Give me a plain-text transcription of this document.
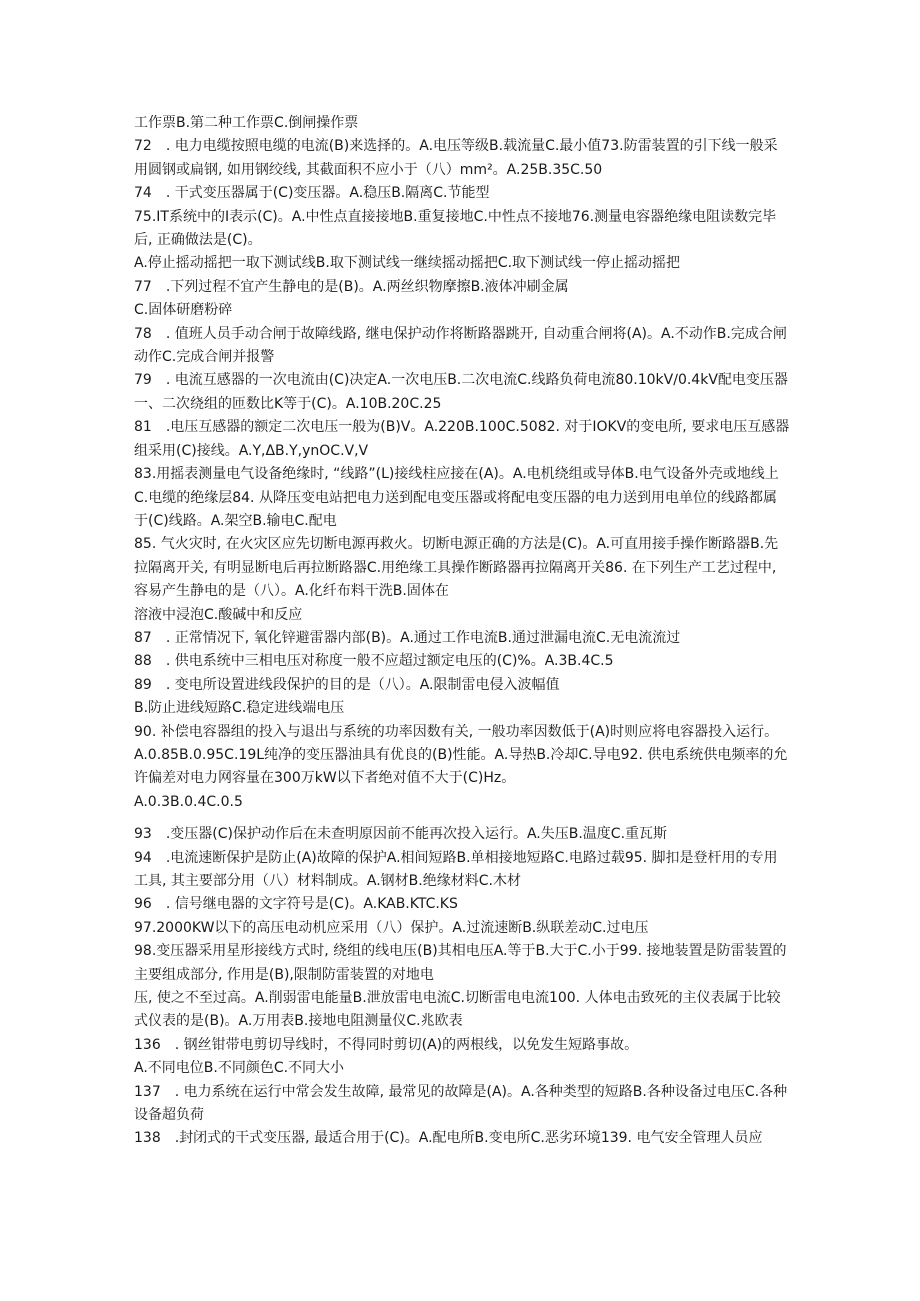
工作票B.第二种工作票C.倒闸操作票

72　. 电力电缆按照电缆的电流(B)来选择的。A.电压等级B.载流量C.最小值73.防雷装置的引下线一般采用圆钢或扁钢, 如用钢绞线, 其截面积不应小于（八）mm²。A.25B.35C.50

74　. 干式变压器属于(C)变压器。A.稳压B.隔离C.节能型

75.IT系统中的I表示(C)。A.中性点直接接地B.重复接地C.中性点不接地76.测量电容器绝缘电阻读数完毕后, 正确做法是(C)。

A.停止摇动摇把一取下测试线B.取下测试线一继续摇动摇把C.取下测试线一停止摇动摇把

77　.下列过程不宜产生静电的是(B)。A.两丝织物摩擦B.液体冲刷金属

C.固体研磨粉碎

78　. 值班人员手动合闸于故障线路, 继电保护动作将断路器跳开, 自动重合闸将(A)。A.不动作B.完成合闸动作C.完成合闸并报警

79　. 电流互感器的一次电流由(C)决定A.一次电压B.二次电流C.线路负荷电流80.10kV∕0.4kV配电变压器一、二次绕组的匝数比K等于(C)。A.10B.20C.25

81　.电压互感器的额定二次电压一般为(B)V。A.220B.100C.5082. 对于IOKV的变电所, 要求电压互感器组采用(C)接线。A.Y,ΔB.Y,ynOC.V,V

83.用摇表测量电气设备绝缘时, “线路”(L)接线柱应接在(A)。A.电机绕组或导体B.电气设备外壳或地线上C.电缆的绝缘层84. 从降压变电站把电力送到配电变压器或将配电变压器的电力送到用电单位的线路都属于(C)线路。A.架空B.输电C.配电

85. 气火灾时, 在火灾区应先切断电源再救火。切断电源正确的方法是(C)。A.可直用接手操作断路器B.先拉隔离开关, 有明显断电后再拉断路器C.用绝缘工具操作断路器再拉隔离开关86. 在下列生产工艺过程中, 容易产生静电的是（八）。A.化纤布料干洗B.固体在

溶液中浸泡C.酸碱中和反应

87　. 正常情况下, 氧化锌避雷器内部(B)。A.通过工作电流B.通过泄漏电流C.无电流流过

88　. 供电系统中三相电压对称度一般不应超过额定电压的(C)%。A.3B.4C.5

89　. 变电所设置进线段保护的目的是（八）。A.限制雷电侵入波幅值

B.防止进线短路C.稳定进线端电压

90. 补偿电容器组的投入与退出与系统的功率因数有关, 一般功率因数低于(A)时则应将电容器投入运行。A.0.85B.0.95C.19L纯净的变压器油具有优良的(B)性能。A.导热B.冷却C.导电92. 供电系统供电频率的允许偏差对电力网容量在300万kW以下者绝对值不大于(C)Hz。

A.0.3B.0.4C.0.5

93　.变压器(C)保护动作后在未查明原因前不能再次投入运行。A.失压B.温度C.重瓦斯

94　.电流速断保护是防止(A)故障的保护A.相间短路B.单相接地短路C.电路过载95. 脚扣是登杆用的专用工具, 其主要部分用（八）材料制成。A.钢材B.绝缘材料C.木材

96　. 信号继电器的文字符号是(C)。A.KAB.KTC.KS

97.2000KW以下的高压电动机应采用（八）保护。A.过流速断B.纵联差动C.过电压

98.变压器采用星形接线方式时, 绕组的线电压(B)其相电压A.等于B.大于C.小于99. 接地装置是防雷装置的主要组成部分, 作用是(B),限制防雷装置的对地电

压, 使之不至过高。A.削弱雷电能量B.泄放雷电电流C.切断雷电电流100. 人体电击致死的主仪表属于比较式仪表的是(B)。A.万用表B.接地电阻测量仪C.兆欧表

136　. 钢丝钳带电剪切导线时，不得同时剪切(A)的两根线，以免发生短路事故。

A.不同电位B.不同颜色C.不同大小

137　. 电力系统在运行中常会发生故障, 最常见的故障是(A)。A.各种类型的短路B.各种设备过电压C.各种设备超负荷

138　.封闭式的干式变压器, 最适合用于(C)。A.配电所B.变电所C.恶劣环境139. 电气安全管理人员应
